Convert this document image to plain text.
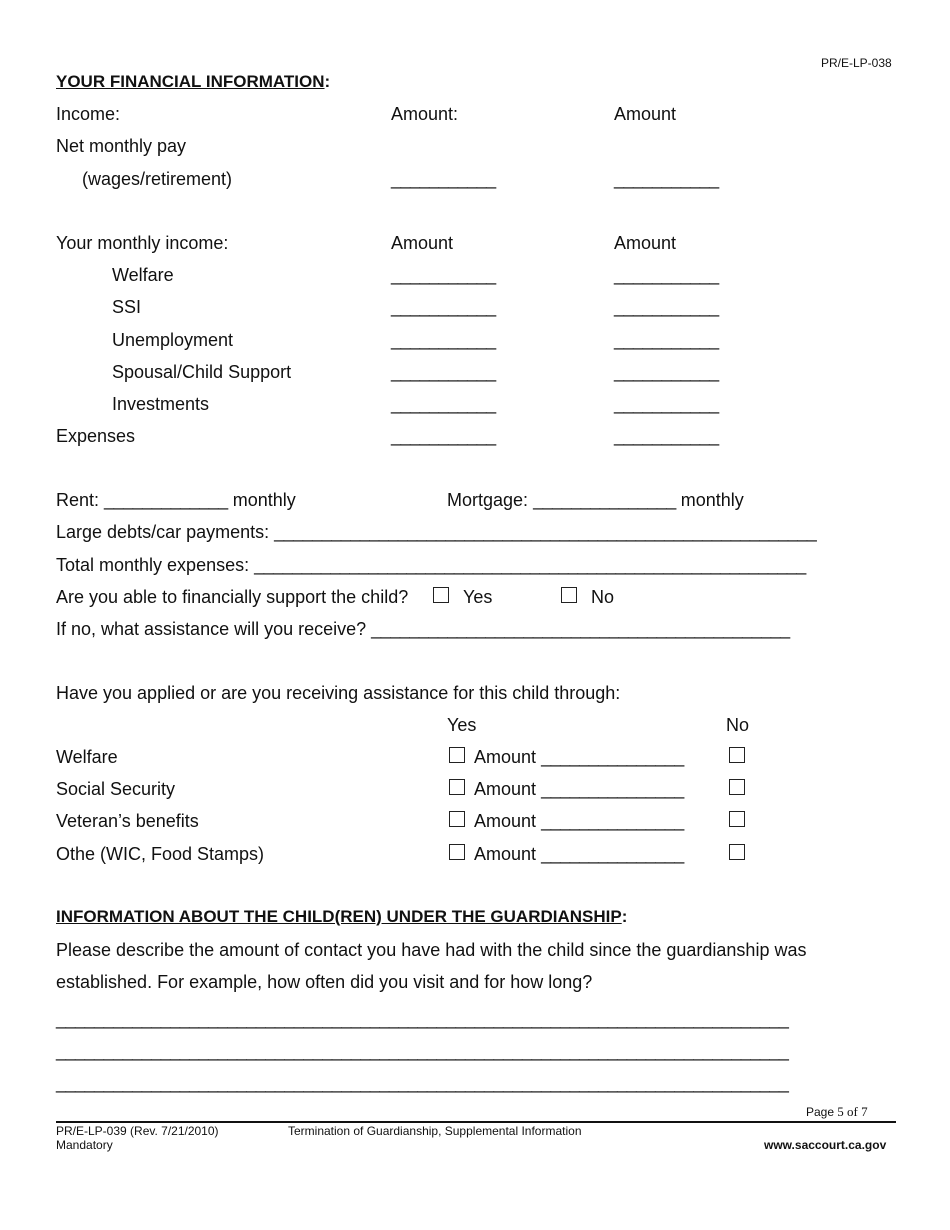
PR/E-LP-038
YOUR FINANCIAL INFORMATION:
Income:	Amount:	Amount
Net monthly pay
(wages/retirement)	___________	___________
Your monthly income:	Amount	Amount
Welfare	___________	___________
SSI	___________	___________
Unemployment	___________	___________
Spousal/Child Support	___________	___________
Investments	___________	___________
Expenses	___________	___________
Rent: _____________ monthly	Mortgage: _______________ monthly
Large debts/car payments: _________________________________________________________
Total monthly expenses: __________________________________________________________
Are you able to financially support the child?	Yes	No
If no, what assistance will you receive? ____________________________________________
Have you applied or are you receiving assistance for this child through:
Yes	No
Welfare	Amount _______________
Social Security	Amount _______________
Veteran’s benefits	Amount _______________
Othe (WIC, Food Stamps)	Amount _______________
INFORMATION ABOUT THE CHILD(REN) UNDER THE GUARDIANSHIP:
Please describe the amount of contact you have had with the child since the guardianship was
established. For example, how often did you visit and for how long?
_____________________________________________________________________________
_____________________________________________________________________________
_____________________________________________________________________________
Page 5 of 7
PR/E-LP-039 (Rev. 7/21/2010)
Mandatory
Termination of Guardianship, Supplemental Information
www.saccourt.ca.gov
